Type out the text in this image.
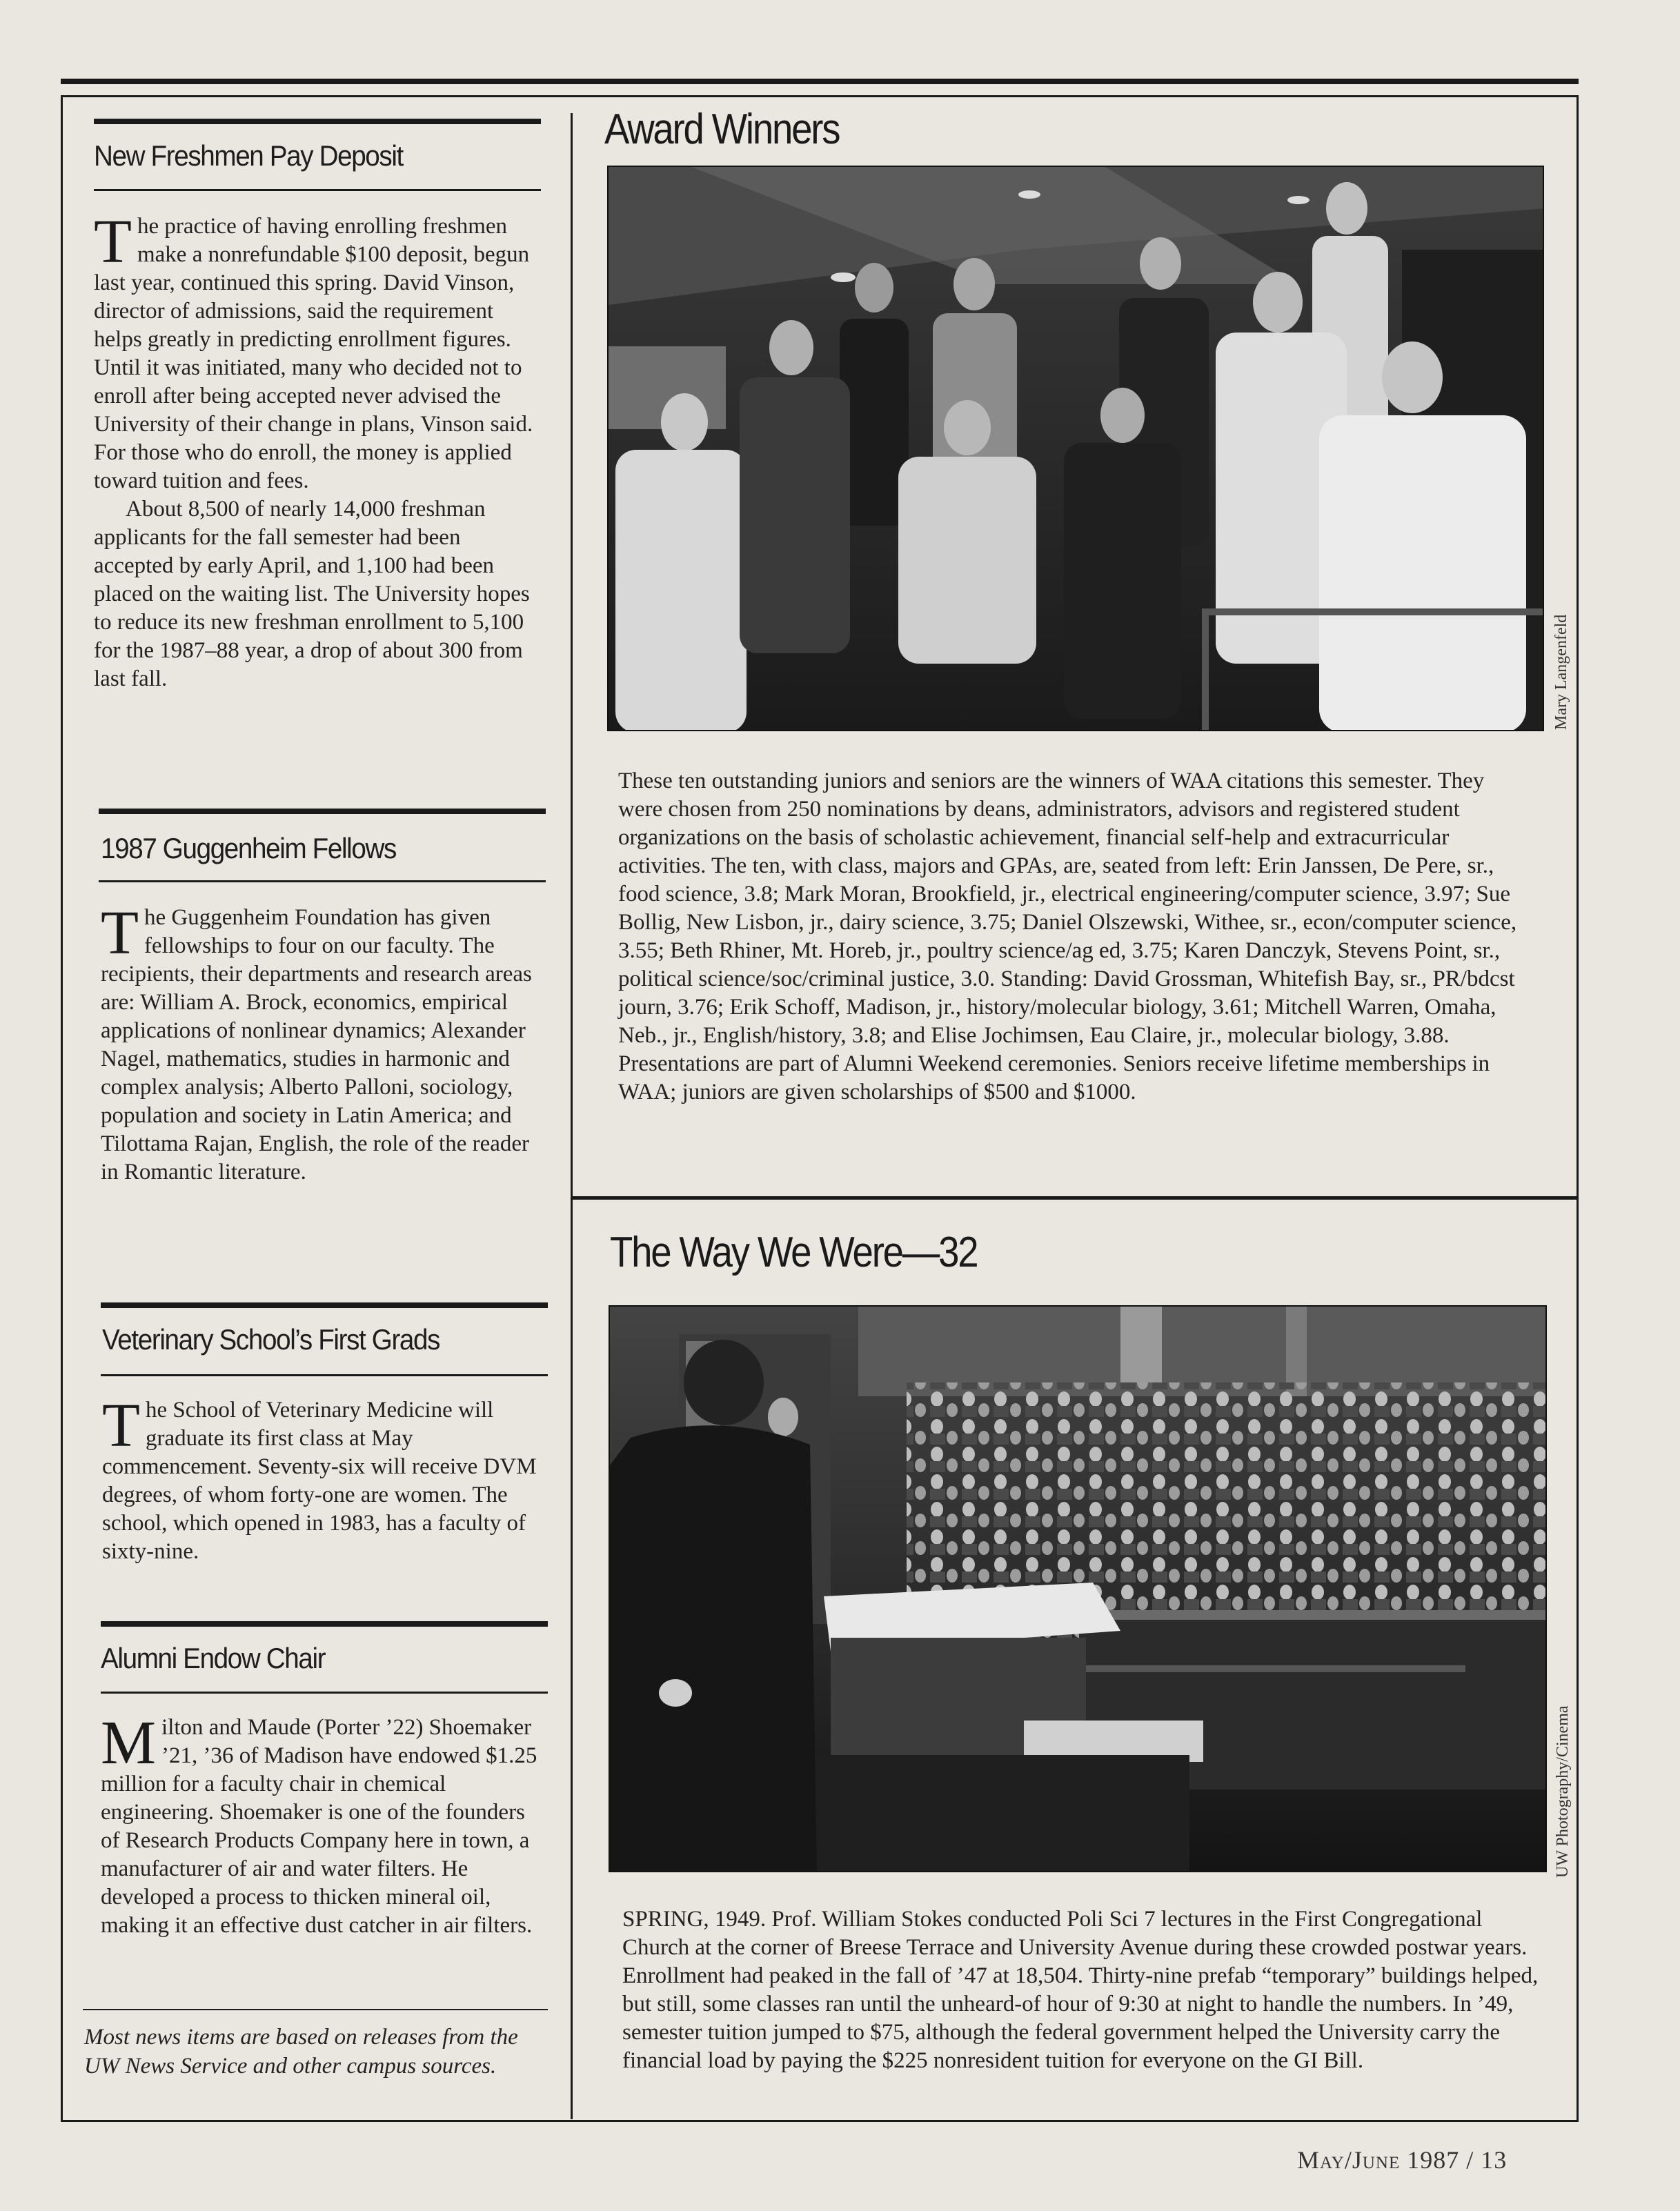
New Freshmen Pay Deposit

The practice of having enrolling freshmen make a nonrefundable $100 deposit, begun last year, continued this spring. David Vinson, director of admissions, said the requirement helps greatly in predicting enrollment figures. Until it was initiated, many who decided not to enroll after being accepted never advised the University of their change in plans, Vinson said. For those who do enroll, the money is applied toward tuition and fees.

About 8,500 of nearly 14,000 freshman applicants for the fall semester had been accepted by early April, and 1,100 had been placed on the waiting list. The University hopes to reduce its new freshman enrollment to 5,100 for the 1987–88 year, a drop of about 300 from last fall.

1987 Guggenheim Fellows

The Guggenheim Foundation has given fellowships to four on our faculty. The recipients, their departments and research areas are: William A. Brock, economics, empirical applications of nonlinear dynamics; Alexander Nagel, mathematics, studies in harmonic and complex analysis; Alberto Palloni, sociology, population and society in Latin America; and Tilottama Rajan, English, the role of the reader in Romantic literature.

Veterinary School’s First Grads

The School of Veterinary Medicine will graduate its first class at May commencement. Seventy-six will receive DVM degrees, of whom forty-one are women. The school, which opened in 1983, has a faculty of sixty-nine.

Alumni Endow Chair

Milton and Maude (Porter ’22) Shoemaker ’21, ’36 of Madison have endowed $1.25 million for a faculty chair in chemical engineering. Shoemaker is one of the founders of Research Products Company here in town, a manufacturer of air and water filters. He developed a process to thicken mineral oil, making it an effective dust catcher in air filters.

Most news items are based on releases from the UW News Service and other campus sources.
Award Winners
Mary Langenfeld
These ten outstanding juniors and seniors are the winners of WAA citations this semester. They were chosen from 250 nominations by deans, administrators, advisors and registered student organizations on the basis of scholastic achievement, financial self-help and extracurricular activities. The ten, with class, majors and GPAs, are, seated from left: Erin Janssen, De Pere, sr., food science, 3.8; Mark Moran, Brookfield, jr., electrical engineering/computer science, 3.97; Sue Bollig, New Lisbon, jr., dairy science, 3.75; Daniel Olszewski, Withee, sr., econ/computer science, 3.55; Beth Rhiner, Mt. Horeb, jr., poultry science/ag ed, 3.75; Karen Danczyk, Stevens Point, sr., political science/soc/criminal justice, 3.0. Standing: David Grossman, Whitefish Bay, sr., PR/bdcst journ, 3.76; Erik Schoff, Madison, jr., history/molecular biology, 3.61; Mitchell Warren, Omaha, Neb., jr., English/history, 3.8; and Elise Jochimsen, Eau Claire, jr., molecular biology, 3.88. Presentations are part of Alumni Weekend ceremonies. Seniors receive lifetime memberships in WAA; juniors are given scholarships of $500 and $1000.
The Way We Were—32
UW Photography/Cinema
SPRING, 1949. Prof. William Stokes conducted Poli Sci 7 lectures in the First Congregational Church at the corner of Breese Terrace and University Avenue during these crowded postwar years. Enrollment had peaked in the fall of ’47 at 18,504. Thirty-nine prefab “temporary” buildings helped, but still, some classes ran until the unheard-of hour of 9:30 at night to handle the numbers. In ’49, semester tuition jumped to $75, although the federal government helped the University carry the financial load by paying the $225 nonresident tuition for everyone on the GI Bill.
May/June 1987 / 13
